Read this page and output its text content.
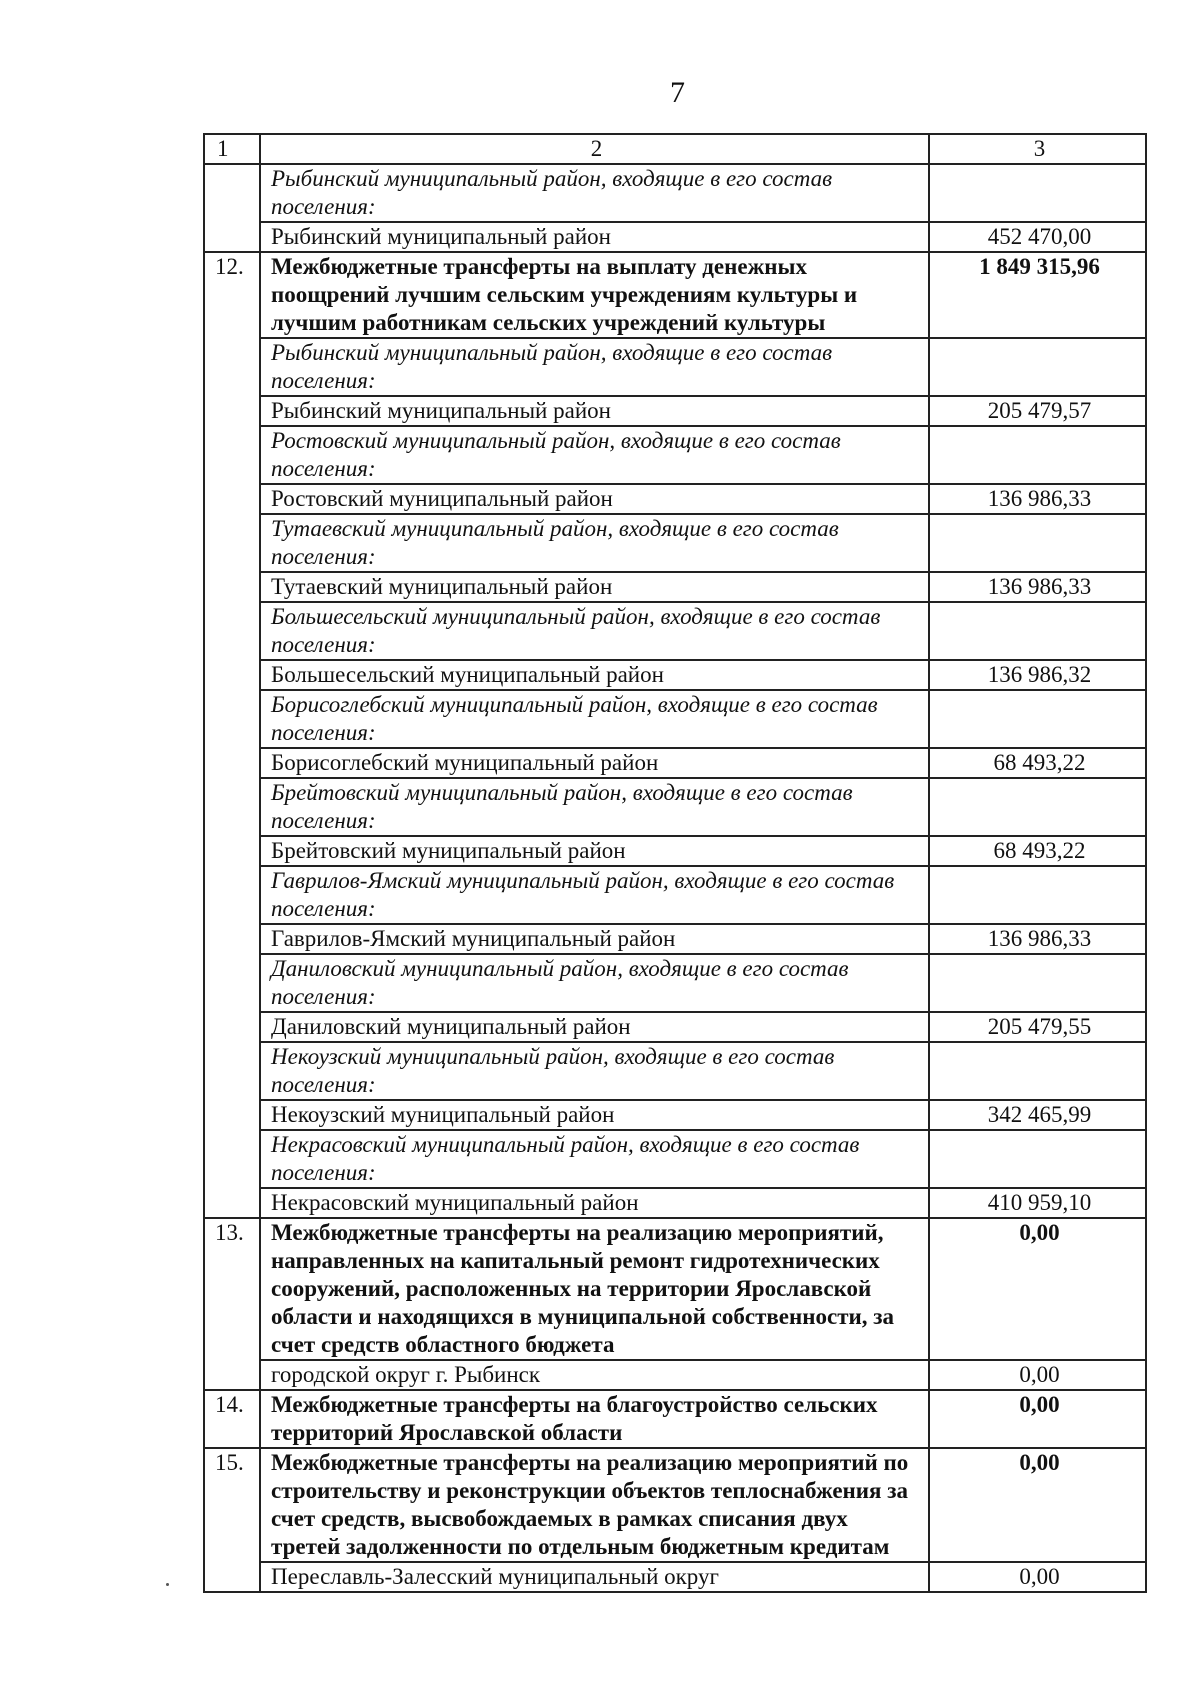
7
1	2	3
	Рыбинский муниципальный район, входящие в его состав поселения:	
	Рыбинский муниципальный район	452 470,00
12.	Межбюджетные трансферты на выплату денежных поощрений лучшим сельским учреждениям культуры и лучшим работникам сельских учреждений культуры	1 849 315,96
	Рыбинский муниципальный район, входящие в его состав поселения:	
	Рыбинский муниципальный район	205 479,57
	Ростовский муниципальный район, входящие в его состав поселения:	
	Ростовский муниципальный район	136 986,33
	Тутаевский муниципальный район, входящие в его состав поселения:	
	Тутаевский муниципальный район	136 986,33
	Большесельский муниципальный район, входящие в его состав поселения:	
	Большесельский муниципальный район	136 986,32
	Борисоглебский муниципальный район, входящие в его состав поселения:	
	Борисоглебский муниципальный район	68 493,22
	Брейтовский муниципальный район, входящие в его состав поселения:	
	Брейтовский муниципальный район	68 493,22
	Гаврилов-Ямский муниципальный район, входящие в его состав поселения:	
	Гаврилов-Ямский муниципальный район	136 986,33
	Даниловский муниципальный район, входящие в его состав поселения:	
	Даниловский муниципальный район	205 479,55
	Некоузский муниципальный район, входящие в его состав поселения:	
	Некоузский муниципальный район	342 465,99
	Некрасовский муниципальный район, входящие в его состав поселения:	
	Некрасовский муниципальный район	410 959,10
13.	Межбюджетные трансферты на реализацию мероприятий, направленных на капитальный ремонт гидротехнических сооружений, расположенных на территории Ярославской области и находящихся в муниципальной собственности, за счет средств областного бюджета	0,00
	городской округ г. Рыбинск	0,00
14.	Межбюджетные трансферты на благоустройство сельских территорий Ярославской области	0,00
15.	Межбюджетные трансферты на реализацию мероприятий по строительству и реконструкции объектов теплоснабжения за счет средств, высвобождаемых в рамках списания двух третей задолженности по отдельным бюджетным кредитам	0,00
	Переславль-Залесский муниципальный округ	0,00
